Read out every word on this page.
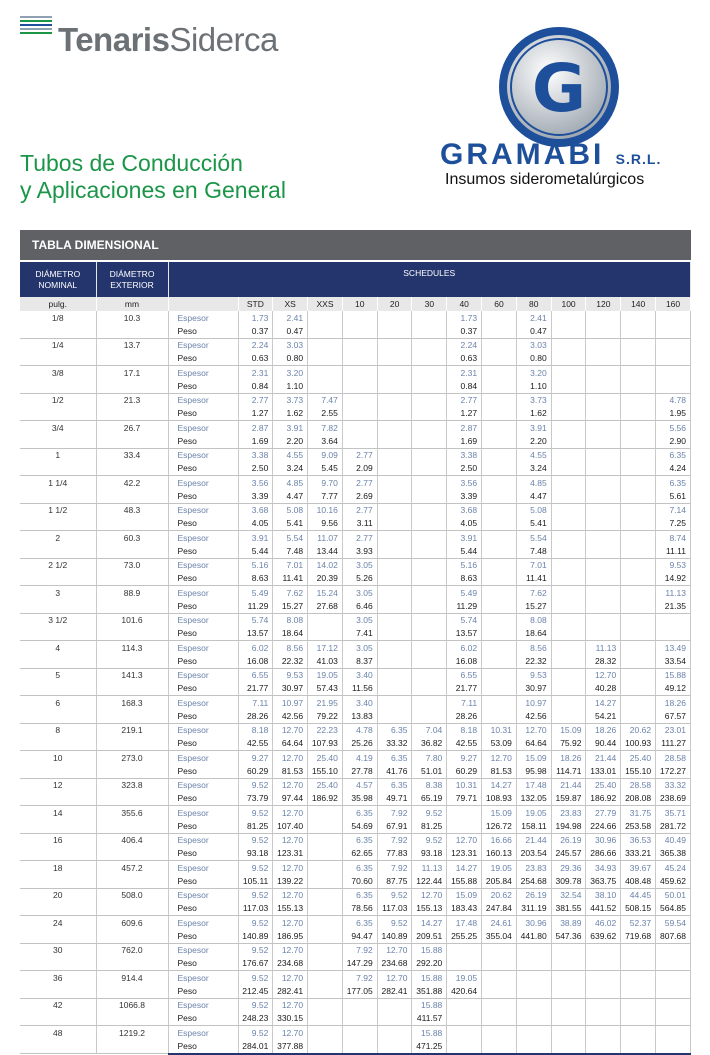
TenarisSiderca
G
GRAMABI S.R.L.
Insumos siderometalúrgicos
Tubos de Conducción
y Aplicaciones en General
TABLA DIMENSIONAL
DIÁMETRO NOMINAL	DIÁMETRO EXTERIOR	SCHEDULES													
pulg.	mm		STD	XS	XXS	10	20	30	40	60	80	100	120	140	160
1/8	10.3	Espesor	1.73	2.41					1.73		2.41				
		Peso	0.37	0.47					0.37		0.47				
1/4	13.7	Espesor	2.24	3.03					2.24		3.03				
		Peso	0.63	0.80					0.63		0.80				
3/8	17.1	Espesor	2.31	3.20					2.31		3.20				
		Peso	0.84	1.10					0.84		1.10				
1/2	21.3	Espesor	2.77	3.73	7.47				2.77		3.73				4.78
		Peso	1.27	1.62	2.55				1.27		1.62				1.95
3/4	26.7	Espesor	2.87	3.91	7.82				2.87		3.91				5.56
		Peso	1.69	2.20	3.64				1.69		2.20				2.90
1	33.4	Espesor	3.38	4.55	9.09	2.77			3.38		4.55				6.35
		Peso	2.50	3.24	5.45	2.09			2.50		3.24				4.24
1 1/4	42.2	Espesor	3.56	4.85	9.70	2.77			3.56		4.85				6.35
		Peso	3.39	4.47	7.77	2.69			3.39		4.47				5.61
1 1/2	48.3	Espesor	3.68	5.08	10.16	2.77			3.68		5.08				7.14
		Peso	4.05	5.41	9.56	3.11			4.05		5.41				7.25
2	60.3	Espesor	3.91	5.54	11.07	2.77			3.91		5.54				8.74
		Peso	5.44	7.48	13.44	3.93			5.44		7.48				11.11
2 1/2	73.0	Espesor	5.16	7.01	14.02	3.05			5.16		7.01				9.53
		Peso	8.63	11.41	20.39	5.26			8.63		11.41				14.92
3	88.9	Espesor	5.49	7.62	15.24	3.05			5.49		7.62				11.13
		Peso	11.29	15.27	27.68	6.46			11.29		15.27				21.35
3 1/2	101.6	Espesor	5.74	8.08		3.05			5.74		8.08				
		Peso	13.57	18.64		7.41			13.57		18.64				
4	114.3	Espesor	6.02	8.56	17.12	3.05			6.02		8.56		11.13		13.49
		Peso	16.08	22.32	41.03	8.37			16.08		22.32		28.32		33.54
5	141.3	Espesor	6.55	9.53	19.05	3.40			6.55		9.53		12.70		15.88
		Peso	21.77	30.97	57.43	11.56			21.77		30.97		40.28		49.12
6	168.3	Espesor	7.11	10.97	21.95	3.40			7.11		10.97		14.27		18.26
		Peso	28.26	42.56	79.22	13.83			28.26		42.56		54.21		67.57
8	219.1	Espesor	8.18	12.70	22.23	4.78	6.35	7.04	8.18	10.31	12.70	15.09	18.26	20.62	23.01
		Peso	42.55	64.64	107.93	25.26	33.32	36.82	42.55	53.09	64.64	75.92	90.44	100.93	111.27
10	273.0	Espesor	9.27	12.70	25.40	4.19	6.35	7.80	9.27	12.70	15.09	18.26	21.44	25.40	28.58
		Peso	60.29	81.53	155.10	27.78	41.76	51.01	60.29	81.53	95.98	114.71	133.01	155.10	172.27
12	323.8	Espesor	9.52	12.70	25.40	4.57	6.35	8.38	10.31	14.27	17.48	21.44	25.40	28.58	33.32
		Peso	73.79	97.44	186.92	35.98	49.71	65.19	79.71	108.93	132.05	159.87	186.92	208.08	238.69
14	355.6	Espesor	9.52	12.70		6.35	7.92	9.52		15.09	19.05	23.83	27.79	31.75	35.71
		Peso	81.25	107.40		54.69	67.91	81.25		126.72	158.11	194.98	224.66	253.58	281.72
16	406.4	Espesor	9.52	12.70		6.35	7.92	9.52	12.70	16.66	21.44	26.19	30.96	36.53	40.49
		Peso	93.18	123.31		62.65	77.83	93.18	123.31	160.13	203.54	245.57	286.66	333.21	365.38
18	457.2	Espesor	9.52	12.70		6.35	7.92	11.13	14.27	19.05	23.83	29.36	34.93	39.67	45.24
		Peso	105.11	139.22		70.60	87.75	122.44	155.88	205.84	254.68	309.78	363.75	408.48	459.62
20	508.0	Espesor	9.52	12.70		6.35	9.52	12.70	15.09	20.62	26.19	32.54	38.10	44.45	50.01
		Peso	117.03	155.13		78.56	117.03	155.13	183.43	247.84	311.19	381.55	441.52	508.15	564.85
24	609.6	Espesor	9.52	12.70		6.35	9.52	14.27	17.48	24.61	30.96	38.89	46.02	52.37	59.54
		Peso	140.89	186.95		94.47	140.89	209.51	255.25	355.04	441.80	547.36	639.62	719.68	807.68
30	762.0	Espesor	9.52	12.70		7.92	12.70	15.88							
		Peso	176.67	234.68		147.29	234.68	292.20							
36	914.4	Espesor	9.52	12.70		7.92	12.70	15.88	19.05						
		Peso	212.45	282.41		177.05	282.41	351.88	420.64						
42	1066.8	Espesor	9.52	12.70				15.88							
		Peso	248.23	330.15				411.57							
48	1219.2	Espesor	9.52	12.70				15.88							
		Peso	284.01	377.88				471.25							
